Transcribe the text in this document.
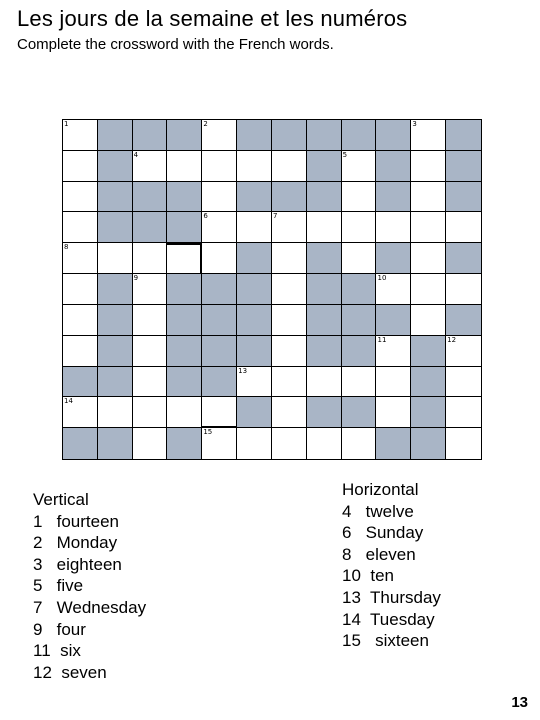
Les jours de la semaine et les numéros
Complete the crossword with the French words.
1	2	3
4	5
6	7
8
9	10
11	12
13
14
15
Vertical
1   fourteen
2   Monday
3   eighteen
5   five
7   Wednesday
9   four
11  six
12  seven
Horizontal
4   twelve
6   Sunday
8   eleven
10  ten
13  Thursday
14  Tuesday
15   sixteen
13
